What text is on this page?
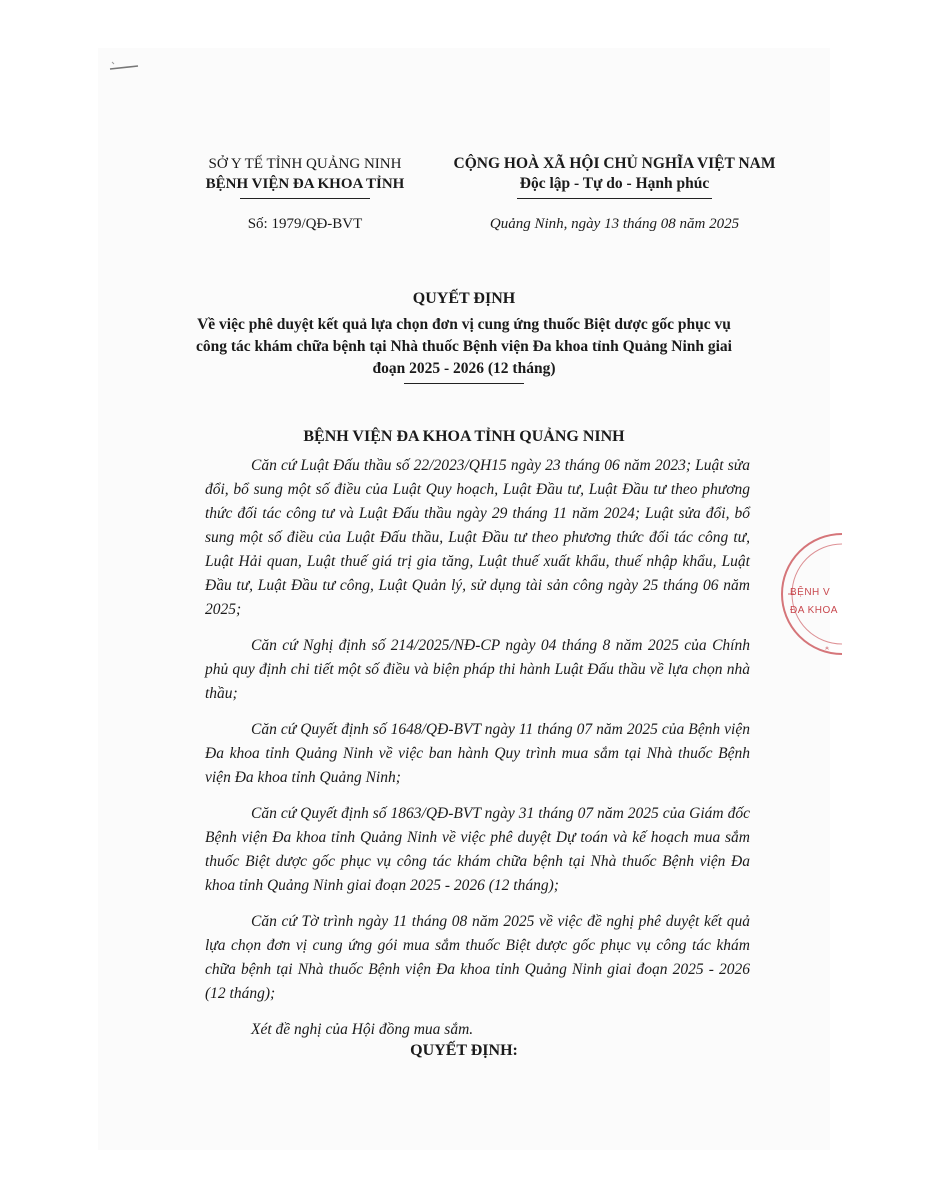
SỞ Y TẾ TỈNH QUẢNG NINH
BỆNH VIỆN ĐA KHOA TỈNH
Số: 1979/QĐ-BVT
CỘNG HOÀ XÃ HỘI CHỦ NGHĨA VIỆT NAM
Độc lập - Tự do - Hạnh phúc
Quảng Ninh, ngày 13 tháng 08 năm 2025
QUYẾT ĐỊNH
Về việc phê duyệt kết quả lựa chọn đơn vị cung ứng thuốc Biệt dược gốc phục vụ công tác khám chữa bệnh tại Nhà thuốc Bệnh viện Đa khoa tỉnh Quảng Ninh giai đoạn 2025 - 2026 (12 tháng)
BỆNH VIỆN ĐA KHOA TỈNH QUẢNG NINH

Căn cứ Luật Đấu thầu số 22/2023/QH15 ngày 23 tháng 06 năm 2023; Luật sửa đổi, bổ sung một số điều của Luật Quy hoạch, Luật Đầu tư, Luật Đầu tư theo phương thức đối tác công tư và Luật Đấu thầu ngày 29 tháng 11 năm 2024; Luật sửa đổi, bổ sung một số điều của Luật Đấu thầu, Luật Đầu tư theo phương thức đối tác công tư, Luật Hải quan, Luật thuế giá trị gia tăng, Luật thuế xuất khẩu, thuế nhập khẩu, Luật Đầu tư, Luật Đầu tư công, Luật Quản lý, sử dụng tài sản công ngày 25 tháng 06 năm 2025;

Căn cứ Nghị định số 214/2025/NĐ-CP ngày 04 tháng 8 năm 2025 của Chính phủ quy định chi tiết một số điều và biện pháp thi hành Luật Đấu thầu về lựa chọn nhà thầu;

Căn cứ Quyết định số 1648/QĐ-BVT ngày 11 tháng 07 năm 2025 của Bệnh viện Đa khoa tỉnh Quảng Ninh về việc ban hành Quy trình mua sắm tại Nhà thuốc Bệnh viện Đa khoa tỉnh Quảng Ninh;

Căn cứ Quyết định số 1863/QĐ-BVT ngày 31 tháng 07 năm 2025 của Giám đốc Bệnh viện Đa khoa tỉnh Quảng Ninh về việc phê duyệt Dự toán và kế hoạch mua sắm thuốc Biệt dược gốc phục vụ công tác khám chữa bệnh tại Nhà thuốc Bệnh viện Đa khoa tỉnh Quảng Ninh giai đoạn 2025 - 2026 (12 tháng);

Căn cứ Tờ trình ngày 11 tháng 08 năm 2025 về việc đề nghị phê duyệt kết quả lựa chọn đơn vị cung ứng gói mua sắm thuốc Biệt dược gốc phục vụ công tác khám chữa bệnh tại Nhà thuốc Bệnh viện Đa khoa tỉnh Quảng Ninh giai đoạn 2025 - 2026 (12 tháng);

Xét đề nghị của Hội đồng mua sắm.

QUYẾT ĐỊNH:
BỆNH V
ĐA KHOA
